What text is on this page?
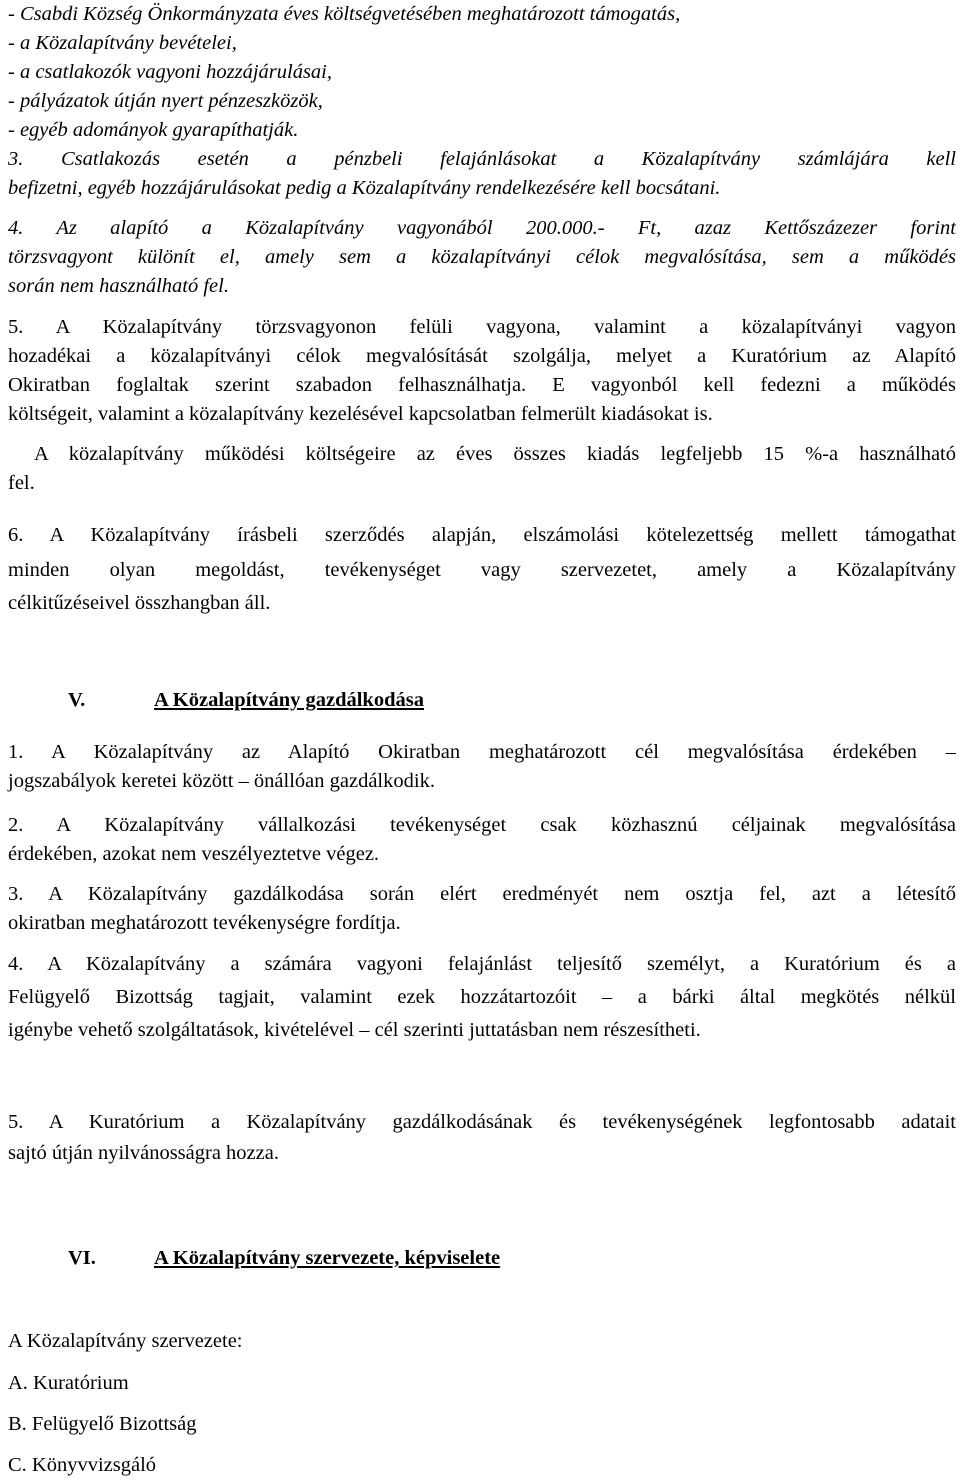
- Csabdi Község Önkormányzata éves költségvetésében meghatározott támogatás,
- a Közalapítvány bevételei,
- a csatlakozók vagyoni hozzájárulásai,
- pályázatok útján nyert pénzeszközök,
- egyéb adományok gyarapíthatják.
3. Csatlakozás esetén a pénzbeli felajánlásokat a Közalapítvány számlájára kell
befizetni, egyéb hozzájárulásokat pedig a Közalapítvány rendelkezésére kell bocsátani.
4. Az alapító a Közalapítvány vagyonából 200.000.- Ft, azaz Kettőszázezer forint
törzsvagyont különít el, amely sem a közalapítványi célok megvalósítása, sem a működés
során nem használható fel.
5. A Közalapítvány törzsvagyonon felüli vagyona, valamint a közalapítványi vagyon
hozadékai a közalapítványi célok megvalósítását szolgálja, melyet a Kuratórium az Alapító
Okiratban foglaltak szerint szabadon felhasználhatja. E vagyonból kell fedezni a működés
költségeit, valamint a közalapítvány kezelésével kapcsolatban felmerült kiadásokat is.
A közalapítvány működési költségeire az éves összes kiadás legfeljebb 15 %-a használható
fel.
6. A Közalapítvány írásbeli szerződés alapján, elszámolási kötelezettség mellett támogathat
minden olyan megoldást, tevékenységet vagy szervezetet, amely a Közalapítvány
célkitűzéseivel összhangban áll.
V.	A Közalapítvány gazdálkodása
1. A Közalapítvány az Alapító Okiratban meghatározott cél megvalósítása érdekében –
jogszabályok keretei között – önállóan gazdálkodik.
2. A Közalapítvány vállalkozási tevékenységet csak közhasznú céljainak megvalósítása
érdekében, azokat nem veszélyeztetve végez.
3. A Közalapítvány gazdálkodása során elért eredményét nem osztja fel, azt a létesítő
okiratban meghatározott tevékenységre fordítja.
4. A Közalapítvány a számára vagyoni felajánlást teljesítő személyt, a Kuratórium és a
Felügyelő Bizottság tagjait, valamint ezek hozzátartozóit – a bárki által megkötés nélkül
igénybe vehető szolgáltatások, kivételével – cél szerinti juttatásban nem részesítheti.
5. A Kuratórium a Közalapítvány gazdálkodásának és tevékenységének legfontosabb adatait
sajtó útján nyilvánosságra hozza.
VI.	A Közalapítvány szervezete, képviselete
A Közalapítvány szervezete:
A. Kuratórium
B. Felügyelő Bizottság
C. Könyvvizsgáló
